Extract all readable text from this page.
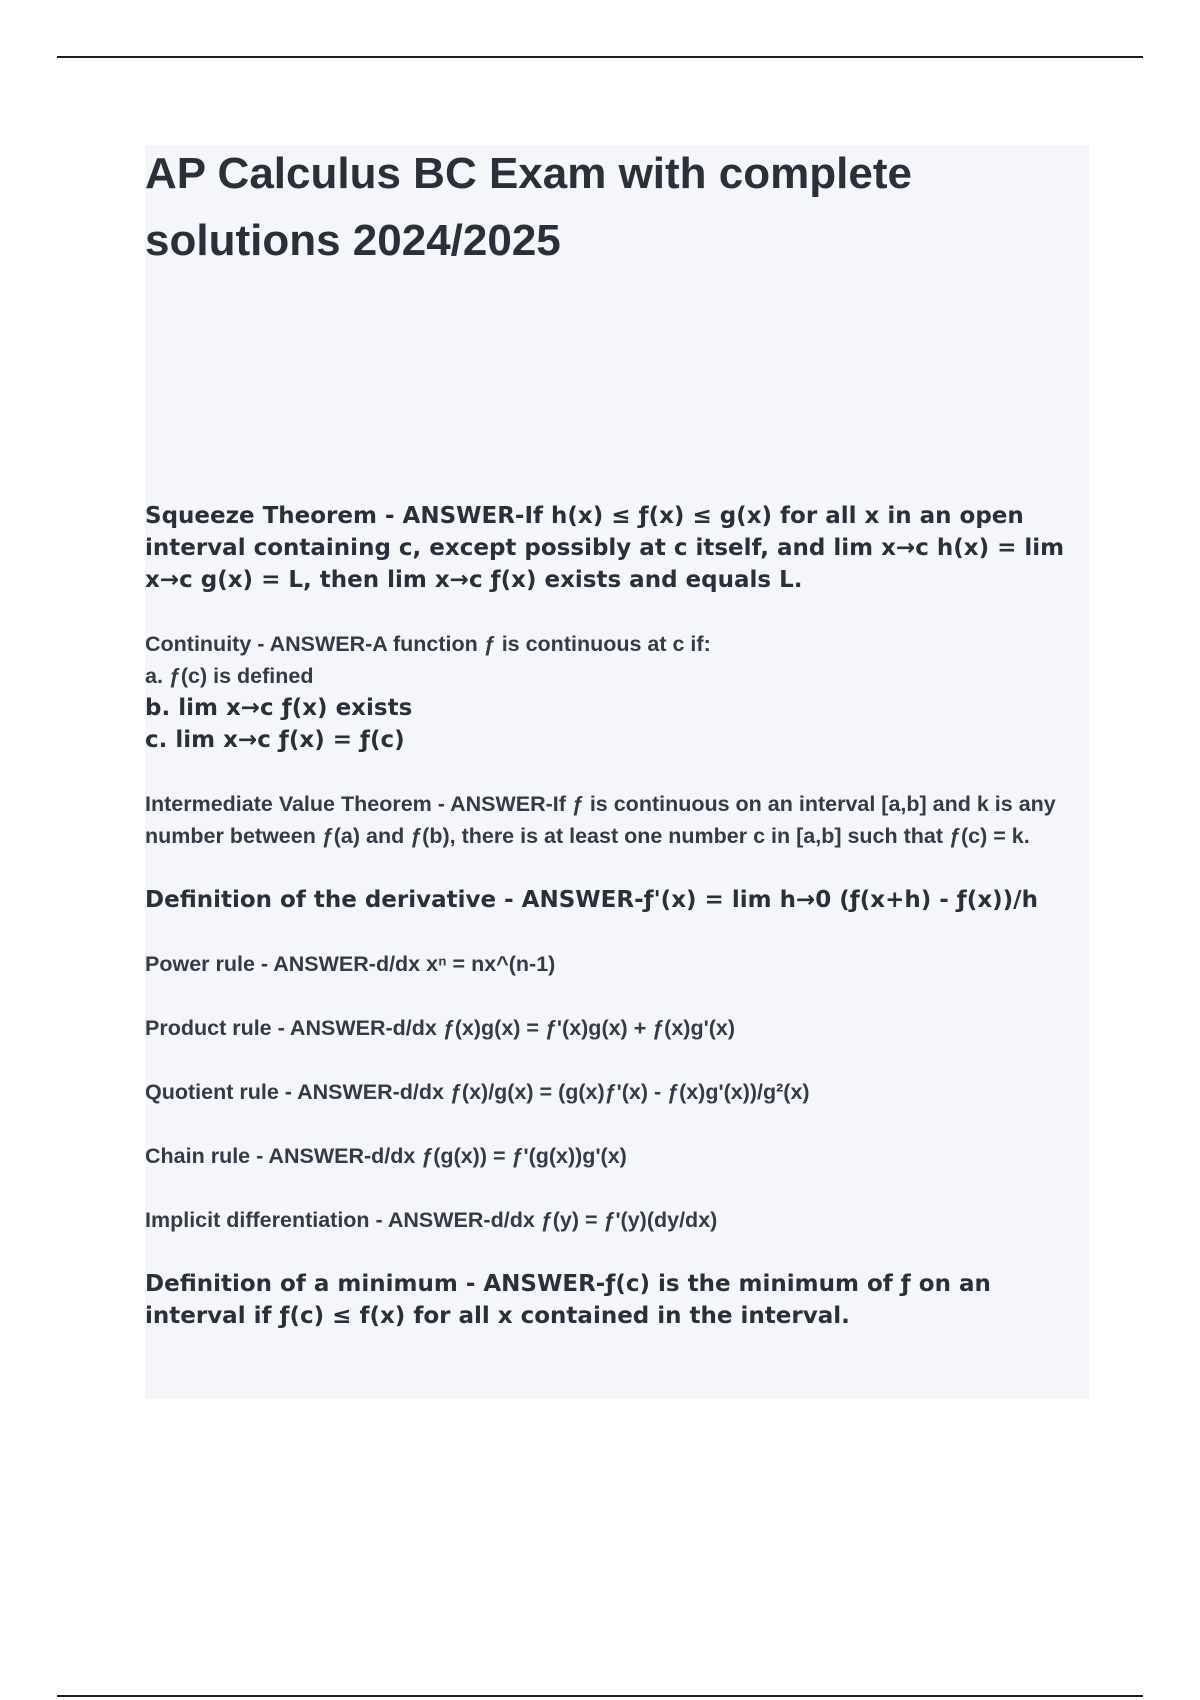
AP Calculus BC Exam with complete solutions 2024/2025

Squeeze Theorem - ANSWER-If h(x) ≤ ƒ(x) ≤ g(x) for all x in an open interval containing c, except possibly at c itself, and lim x→c h(x) = lim x→c g(x) = L, then lim x→c ƒ(x) exists and equals L.

Continuity - ANSWER-A function ƒ is continuous at c if:
a. ƒ(c) is defined
b. lim x→c ƒ(x) exists
c. lim x→c ƒ(x) = ƒ(c)

Intermediate Value Theorem - ANSWER-If ƒ is continuous on an interval [a,b] and k is any number between ƒ(a) and ƒ(b), there is at least one number c in [a,b] such that ƒ(c) = k.

Definition of the derivative - ANSWER-ƒ'(x) = lim h→0 (ƒ(x+h) - ƒ(x))/h

Power rule - ANSWER-d/dx xⁿ = nx^(n-1)

Product rule - ANSWER-d/dx ƒ(x)g(x) = ƒ'(x)g(x) + ƒ(x)g'(x)

Quotient rule - ANSWER-d/dx ƒ(x)/g(x) = (g(x)ƒ'(x) - ƒ(x)g'(x))/g²(x)

Chain rule - ANSWER-d/dx ƒ(g(x)) = ƒ'(g(x))g'(x)

Implicit differentiation - ANSWER-d/dx ƒ(y) = ƒ'(y)(dy/dx)

Definition of a minimum - ANSWER-ƒ(c) is the minimum of ƒ on an interval if ƒ(c) ≤ f(x) for all x contained in the interval.
